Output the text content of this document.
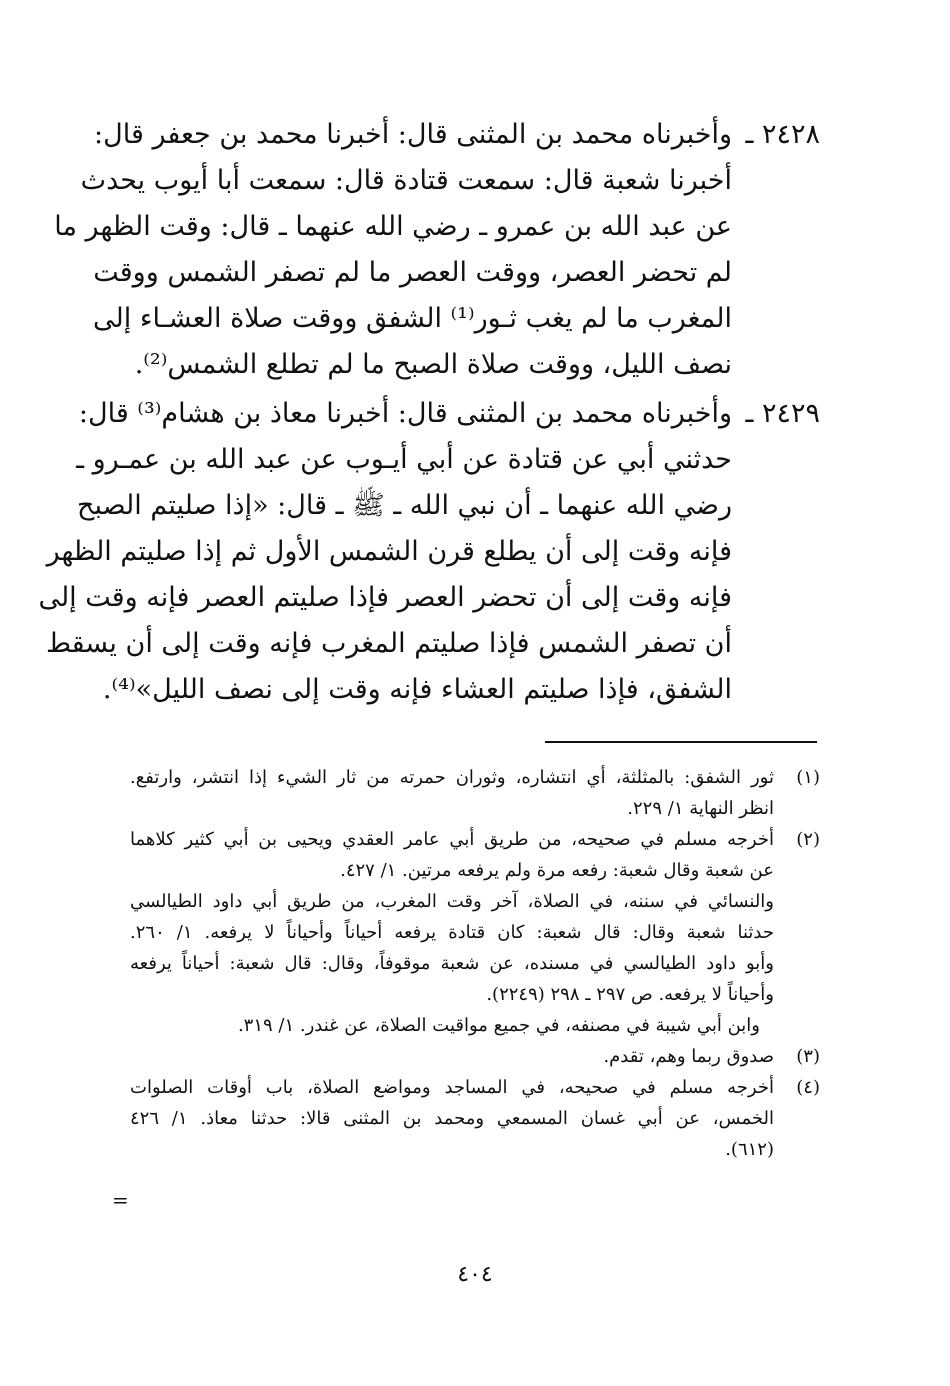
٢٤٢٨ ـ
وأخبرناه محمد بن المثنى قال: أخبرنا محمد بن جعفر قال:
أخبرنا شعبة قال: سمعت قتادة قال: سمعت أبا أيوب يحدث
عن عبد الله بن عمرو ـ رضي الله عنهما ـ قال: وقت الظهر ما
لم تحضر العصر، ووقت العصر ما لم تصفر الشمس ووقت
المغرب ما لم يغب ثـور⁽¹⁾ الشفق ووقت صلاة العشـاء إلى
نصف الليل، ووقت صلاة الصبح ما لم تطلع الشمس⁽²⁾.
٢٤٢٩ ـ
وأخبرناه محمد بن المثنى قال: أخبرنا معاذ بن هشام⁽³⁾ قال:
حدثني أبي عن قتادة عن أبي أيـوب عن عبد الله بن عمـرو ـ
رضي الله عنهما ـ أن نبي الله ـ ﷺ ـ قال: «إذا صليتم الصبح
فإنه وقت إلى أن يطلع قرن الشمس الأول ثم إذا صليتم الظهر
فإنه وقت إلى أن تحضر العصر فإذا صليتم العصر فإنه وقت إلى
أن تصفر الشمس فإذا صليتم المغرب فإنه وقت إلى أن يسقط
الشفق، فإذا صليتم العشاء فإنه وقت إلى نصف الليل»⁽⁴⁾.
(١)
ثور الشفق: بالمثلثة، أي انتشاره، وثوران حمرته من ثار الشيء إذا انتشر، وارتفع.
انظر النهاية ١/ ٢٢٩.
(٢)
أخرجه مسلم في صحيحه، من طريق أبي عامر العقدي ويحيى بن أبي كثير كلاهما
عن شعبة وقال شعبة: رفعه مرة ولم يرفعه مرتين. ١/ ٤٢٧.
والنسائي في سننه، في الصلاة، آخر وقت المغرب، من طريق أبي داود الطيالسي
حدثنا شعبة وقال: قال شعبة: كان قتادة يرفعه أحياناً وأحياناً لا يرفعه. ١/ ٢٦٠.
وأبو داود الطيالسي في مسنده، عن شعبة موقوفاً، وقال: قال شعبة: أحياناً يرفعه
وأحياناً لا يرفعه. ص ٢٩٧ ـ ٢٩٨ (٢٢٤٩).
وابن أبي شيبة في مصنفه، في جميع مواقيت الصلاة، عن غندر. ١/ ٣١٩.
(٣)
صدوق ربما وهم، تقدم.
(٤)
أخرجه مسلم في صحيحه، في المساجد ومواضع الصلاة، باب أوقات الصلوات
الخمس، عن أبي غسان المسمعي ومحمد بن المثنى قالا: حدثنا معاذ. ١/ ٤٢٦
(٦١٢).
=
٤٠٤
